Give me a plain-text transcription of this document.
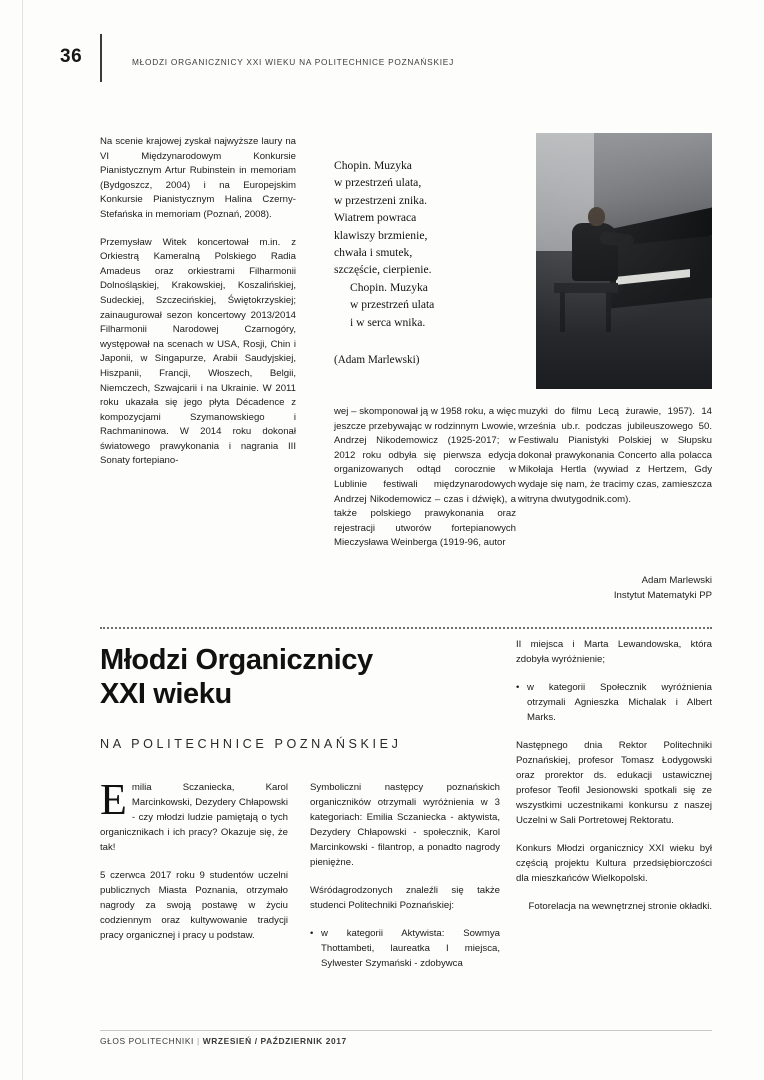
36	MŁODZI ORGANICZNICY XXI WIEKU NA POLITECHNICE POZNAŃSKIEJ

Na scenie krajowej zyskał najwyższe laury na VI Międzynarodowym Konkursie Pianistycznym Artur Rubinstein in memoriam (Bydgoszcz, 2004) i na Europejskim Konkursie Pianistycznym Halina Czerny-Stefańska in memoriam (Poznań, 2008).

Przemysław Witek koncertował m.in. z Orkiestrą Kameralną Polskiego Radia Amadeus oraz orkiestrami Filharmonii Dolnośląskiej, Krakowskiej, Koszalińskiej, Sudeckiej, Szczecińskiej, Świętokrzyskiej; zainaugurował sezon koncertowy 2013/2014 Filharmonii Narodowej Czarnogóry, występował na scenach w USA, Rosji, Chin i Japonii, w Singapurze, Arabii Saudyjskiej, Hiszpanii, Francji, Włoszech, Belgii, Niemczech, Szwajcarii i na Ukrainie. W 2011 roku ukazała się jego płyta Décadence z kompozycjami Szymanowskiego i Rachmaninowa. W 2014 roku dokonał światowego prawykonania i nagrania III Sonaty fortepiano-

Chopin. Muzyka
w przestrzeń ulata,
w przestrzeni znika.
Wiatrem powraca
klawiszy brzmienie,
chwała i smutek,
szczęście, cierpienie.

Chopin. Muzyka
w przestrzeń ulata
i w serca wnika.
(Adam Marlewski)

wej – skomponował ją w 1958 roku, a więc jeszcze przebywając w rodzinnym Lwowie, Andrzej Nikodemowicz (1925-2017; w 2012 roku odbyła się pierwsza edycja organizowanych odtąd corocznie w Lublinie festiwali międzynarodowych Andrzej Nikodemowicz – czas i dźwięk), a także polskiego prawykonania oraz rejestracji utworów fortepianowych Mieczysława Weinberga (1919-96, autor

muzyki do filmu Lecą żurawie, 1957). 14 września ub.r. podczas jubileuszowego 50. Festiwalu Pianistyki Polskiej w Słupsku dokonał prawykonania Concerto alla polacca Mikołaja Hertla (wywiad z Hertzem, Gdy wydaje się nam, że tracimy czas, zamieszcza witryna dwutygodnik.com).

Adam Marlewski
Instytut Matematyki PP
Młodzi Organicznicy
XXI wieku
NA POLITECHNICE POZNAŃSKIEJ

Emilia Sczaniecka, Karol Marcinkowski, Dezydery Chłapowski - czy młodzi ludzie pamiętają o tych organicznikach i ich pracy? Okazuje się, że tak!

5 czerwca 2017 roku 9 studentów uczelni publicznych Miasta Poznania, otrzymało nagrody za swoją postawę w życiu codziennym oraz kultywowanie tradycji pracy organicznej i pracy u podstaw.

Symboliczni następcy poznańskich organiczników otrzymali wyróżnienia w 3 kategoriach: Emilia Sczaniecka - aktywista, Dezydery Chłapowski - społecznik, Karol Marcinkowski - filantrop, a ponadto nagrody pieniężne.

Wśródagrodzonych znaleźli się także studenci Politechniki Poznańskiej:

• w kategorii Aktywista: Sowmya Thottambeti, laureatka I miejsca, Sylwester Szymański - zdobywca

II miejsca i Marta Lewandowska, która zdobyła wyróżnienie;

• w kategorii Społecznik wyróżnienia otrzymali Agnieszka Michalak i Albert Marks.

Następnego dnia Rektor Politechniki Poznańskiej, profesor Tomasz Łodygowski oraz prorektor ds. edukacji ustawicznej profesor Teofil Jesionowski spotkali się ze wszystkimi uczestnikami konkursu z naszej Uczelni w Sali Portretowej Rektoratu.

Konkurs Młodzi organicznicy XXI wieku był częścią projektu Kultura przedsiębiorczości dla mieszkańców Wielkopolski.

Fotorelacja na wewnętrznej stronie okładki.

GŁOS POLITECHNIKI | WRZESIEŃ / PAŹDZIERNIK 2017
